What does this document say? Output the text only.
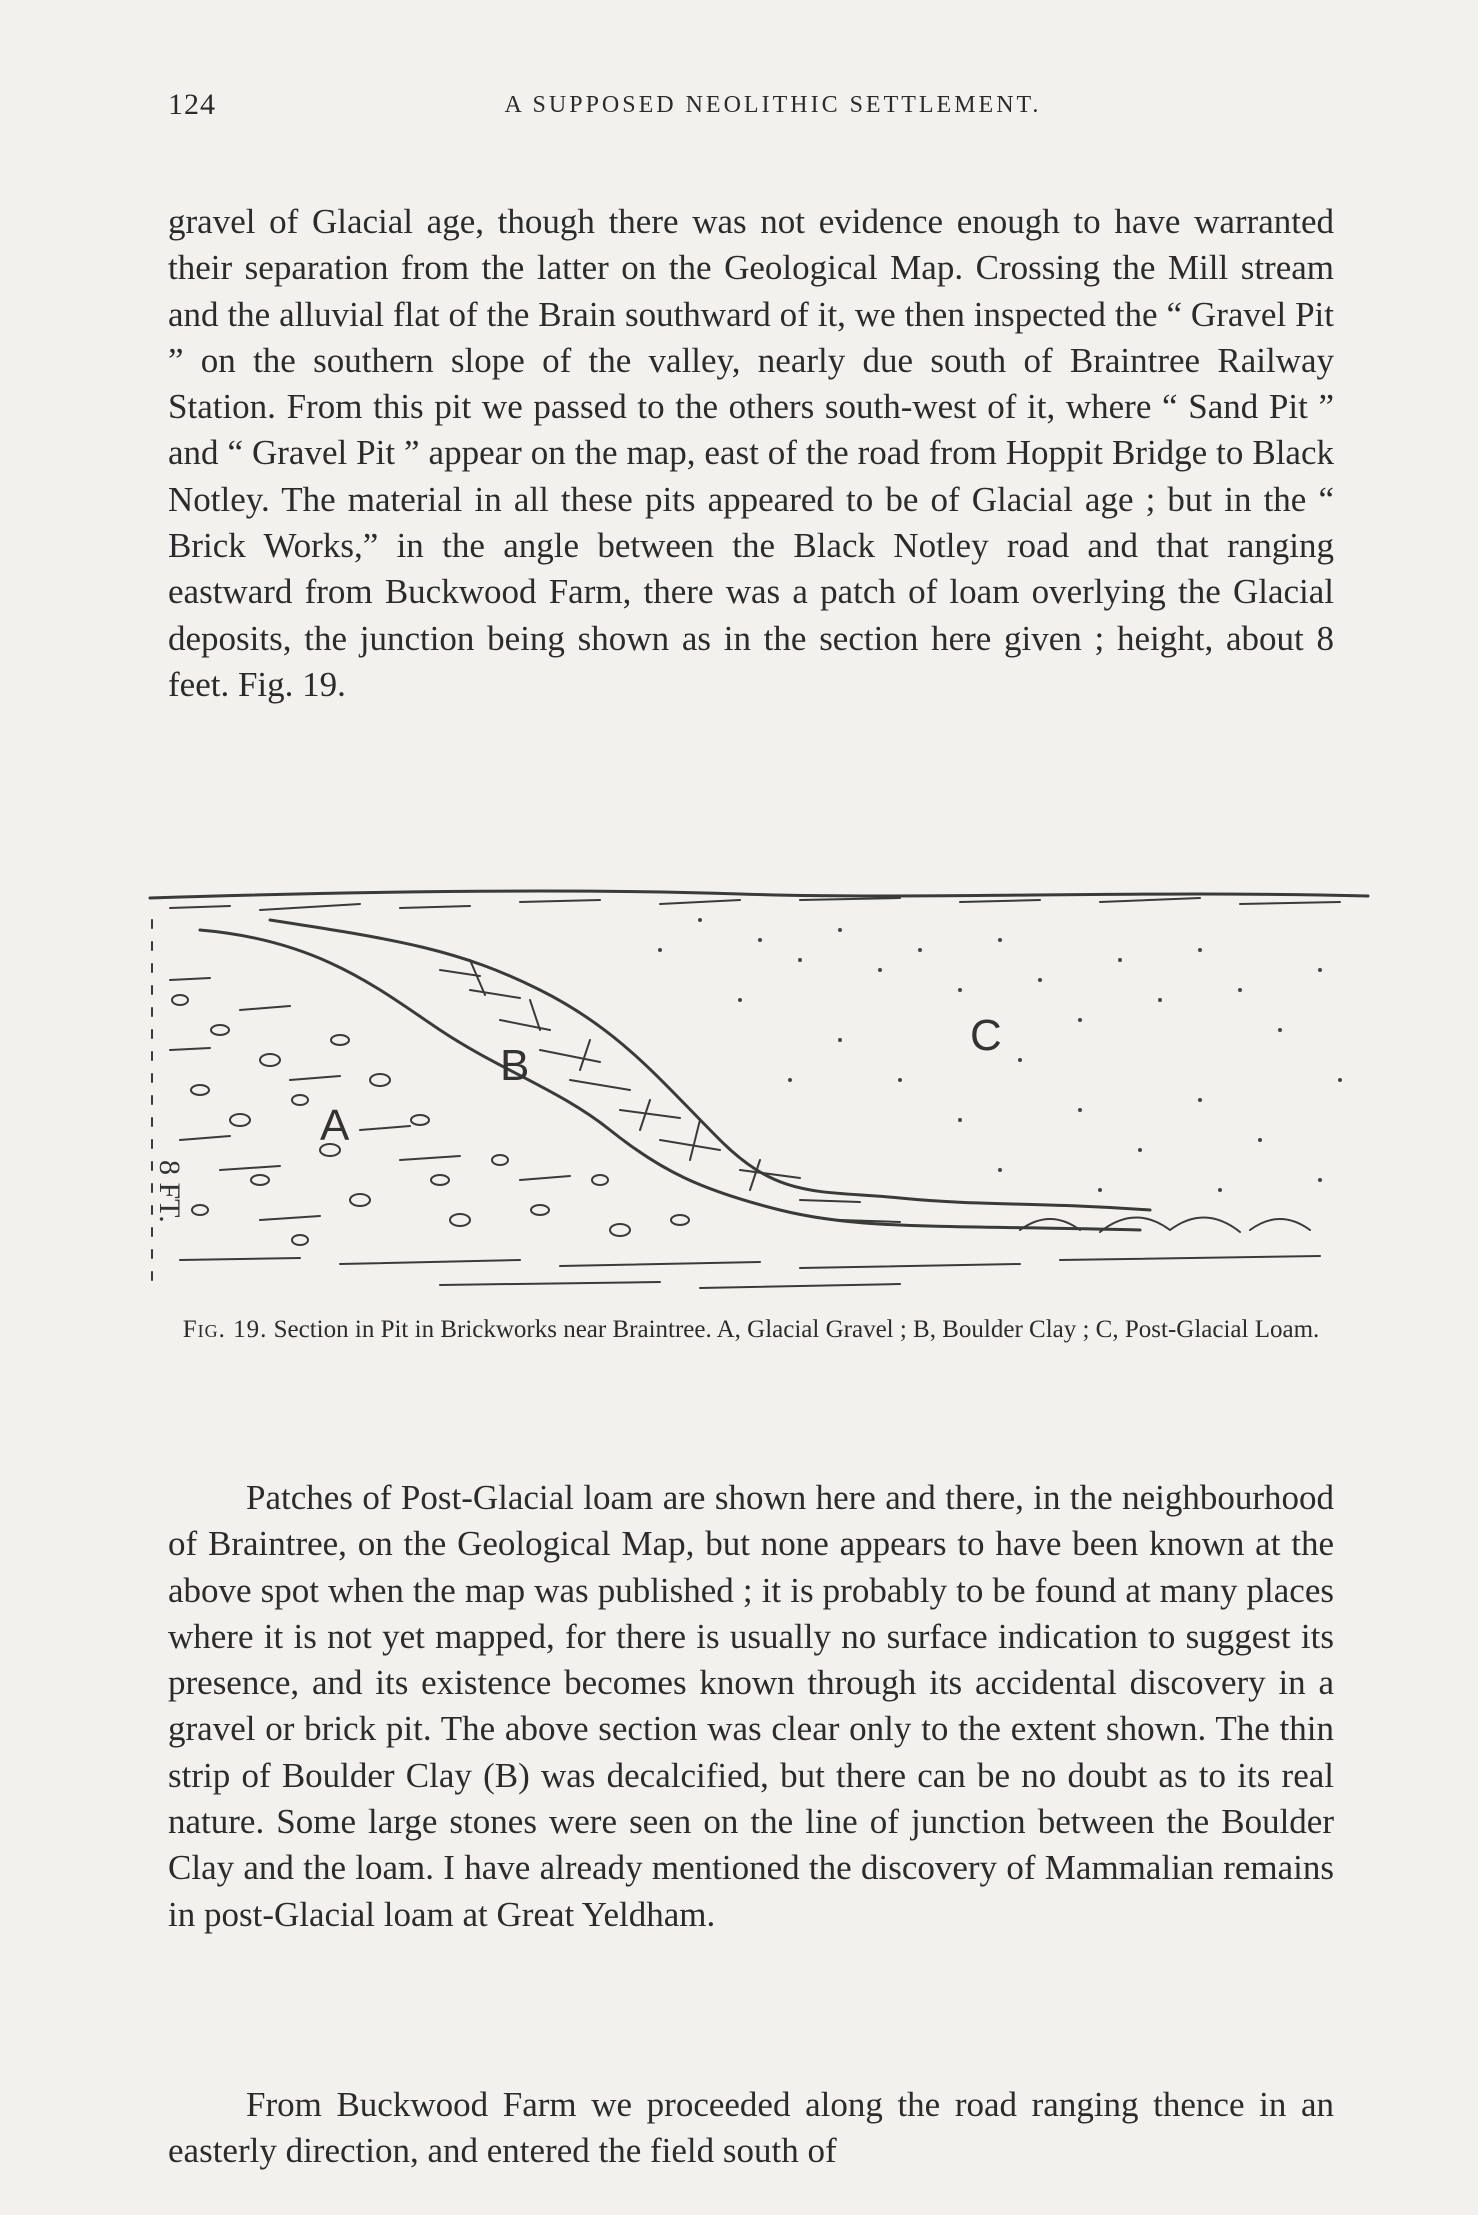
124	A SUPPOSED NEOLITHIC SETTLEMENT.

gravel of Glacial age, though there was not evidence enough to have warranted their separation from the latter on the Geological Map. Crossing the Mill stream and the alluvial flat of the Brain southward of it, we then inspected the “ Gravel Pit ” on the southern slope of the valley, nearly due south of Braintree Railway Station. From this pit we passed to the others south-west of it, where “ Sand Pit ” and “ Gravel Pit ” appear on the map, east of the road from Hoppit Bridge to Black Notley. The material in all these pits appeared to be of Glacial age ; but in the “ Brick Works,” in the angle between the Black Notley road and that ranging eastward from Buckwood Farm, there was a patch of loam overlying the Glacial deposits, the junction being shown as in the section here given ; height, about 8 feet. Fig. 19.

B
A
C
8 FT.
Fig. 19. Section in Pit in Brickworks near Braintree. A, Glacial Gravel ; B, Boulder Clay ; C, Post-Glacial Loam.

Patches of Post-Glacial loam are shown here and there, in the neighbourhood of Braintree, on the Geological Map, but none appears to have been known at the above spot when the map was published ; it is probably to be found at many places where it is not yet mapped, for there is usually no surface indication to suggest its presence, and its existence becomes known through its accidental discovery in a gravel or brick pit. The above section was clear only to the extent shown. The thin strip of Boulder Clay (B) was decalcified, but there can be no doubt as to its real nature. Some large stones were seen on the line of junction between the Boulder Clay and the loam. I have already mentioned the discovery of Mammalian remains in post-Glacial loam at Great Yeldham.

From Buckwood Farm we proceeded along the road ranging thence in an easterly direction, and entered the field south of
